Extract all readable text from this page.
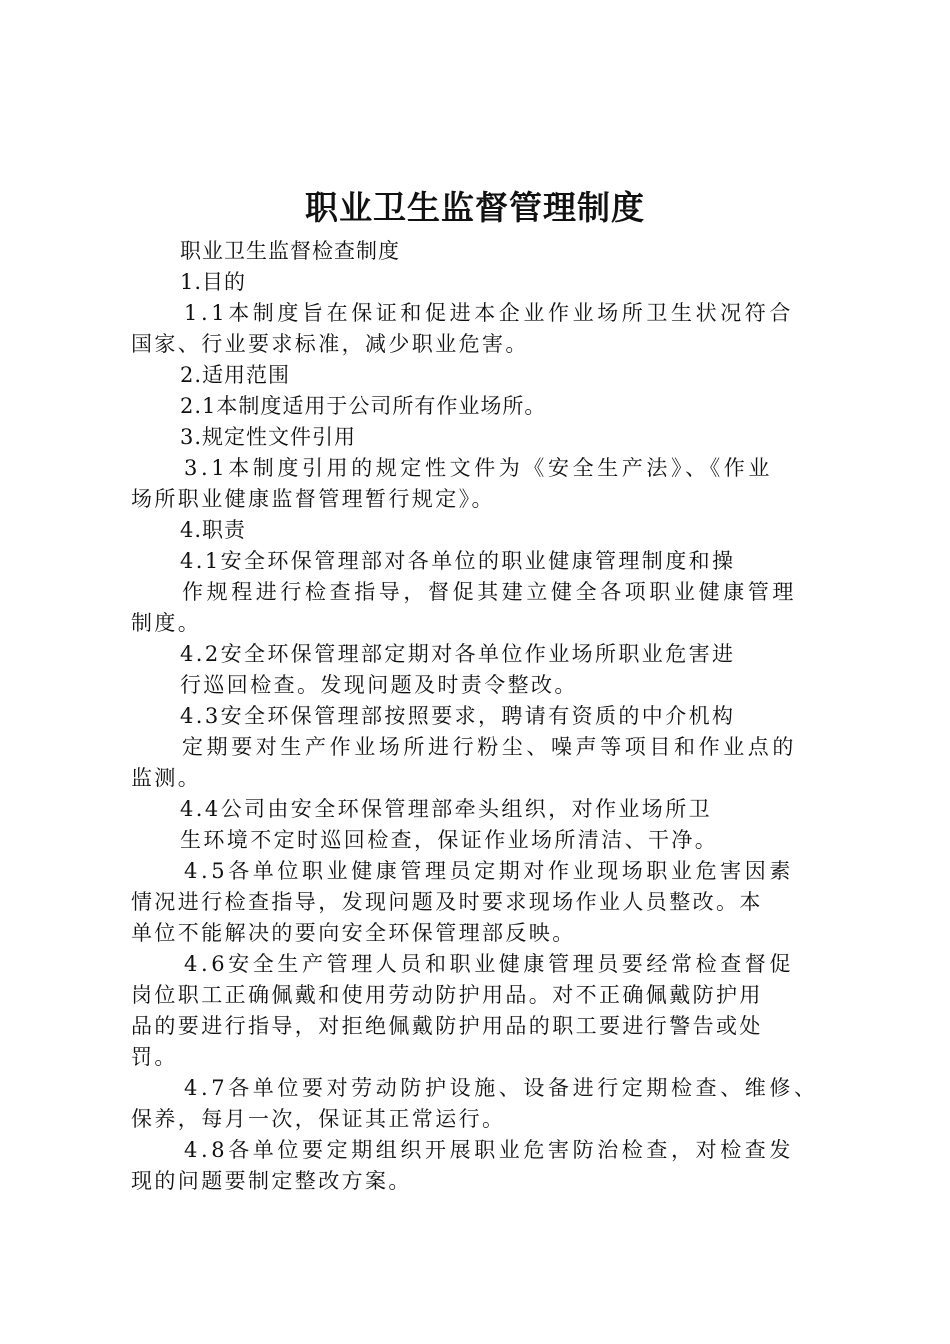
职业卫生监督管理制度
职业卫生监督检查制度
1.目的
1.1本制度旨在保证和促进本企业作业场所卫生状况符合
国家、行业要求标准，减少职业危害。
2.适用范围
2.1本制度适用于公司所有作业场所。
3.规定性文件引用
3.1本制度引用的规定性文件为《安全生产法》、《作业
场所职业健康监督管理暂行规定》。
4.职责
4.1安全环保管理部对各单位的职业健康管理制度和操
作规程进行检查指导，督促其建立健全各项职业健康管理
制度。
4.2安全环保管理部定期对各单位作业场所职业危害进
行巡回检查。发现问题及时责令整改。
4.3安全环保管理部按照要求，聘请有资质的中介机构
定期要对生产作业场所进行粉尘、噪声等项目和作业点的
监测。
4.4公司由安全环保管理部牵头组织，对作业场所卫
生环境不定时巡回检查，保证作业场所清洁、干净。
4.5各单位职业健康管理员定期对作业现场职业危害因素
情况进行检查指导，发现问题及时要求现场作业人员整改。本
单位不能解决的要向安全环保管理部反映。
4.6安全生产管理人员和职业健康管理员要经常检查督促
岗位职工正确佩戴和使用劳动防护用品。对不正确佩戴防护用
品的要进行指导，对拒绝佩戴防护用品的职工要进行警告或处
罚。
4.7各单位要对劳动防护设施、设备进行定期检查、维修、
保养，每月一次，保证其正常运行。
4.8各单位要定期组织开展职业危害防治检查，对检查发
现的问题要制定整改方案。
